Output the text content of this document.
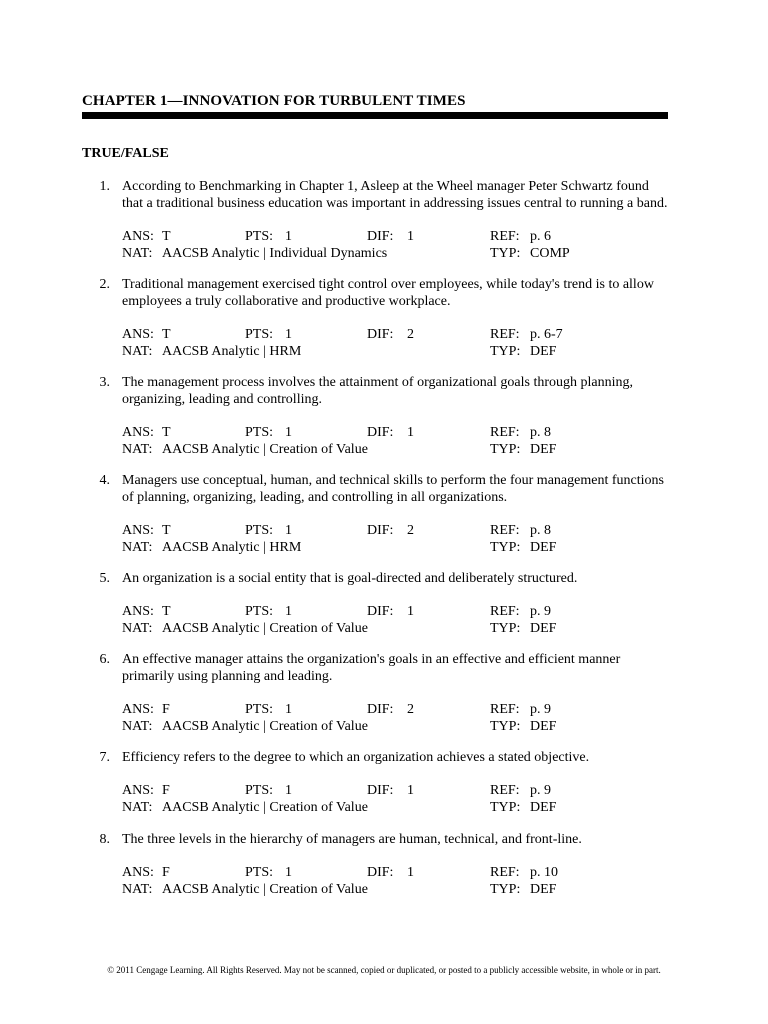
CHAPTER 1—INNOVATION FOR TURBULENT TIMES
TRUE/FALSE
1. According to Benchmarking in Chapter 1, Asleep at the Wheel manager Peter Schwartz found that a traditional business education was important in addressing issues central to running a band.
ANS: T	PTS: 1	DIF: 1	REF: p. 6
NAT: AACSB Analytic | Individual Dynamics	TYP: COMP
2. Traditional management exercised tight control over employees, while today's trend is to allow employees a truly collaborative and productive workplace.
ANS: T	PTS: 1	DIF: 2	REF: p. 6-7
NAT: AACSB Analytic | HRM	TYP: DEF
3. The management process involves the attainment of organizational goals through planning, organizing, leading and controlling.
ANS: T	PTS: 1	DIF: 1	REF: p. 8
NAT: AACSB Analytic | Creation of Value	TYP: DEF
4. Managers use conceptual, human, and technical skills to perform the four management functions of planning, organizing, leading, and controlling in all organizations.
ANS: T	PTS: 1	DIF: 2	REF: p. 8
NAT: AACSB Analytic | HRM	TYP: DEF
5. An organization is a social entity that is goal-directed and deliberately structured.
ANS: T	PTS: 1	DIF: 1	REF: p. 9
NAT: AACSB Analytic | Creation of Value	TYP: DEF
6. An effective manager attains the organization's goals in an effective and efficient manner primarily using planning and leading.
ANS: F	PTS: 1	DIF: 2	REF: p. 9
NAT: AACSB Analytic | Creation of Value	TYP: DEF
7. Efficiency refers to the degree to which an organization achieves a stated objective.
ANS: F	PTS: 1	DIF: 1	REF: p. 9
NAT: AACSB Analytic | Creation of Value	TYP: DEF
8. The three levels in the hierarchy of managers are human, technical, and front-line.
ANS: F	PTS: 1	DIF: 1	REF: p. 10
NAT: AACSB Analytic | Creation of Value	TYP: DEF
© 2011 Cengage Learning. All Rights Reserved. May not be scanned, copied or duplicated, or posted to a publicly accessible website, in whole or in part.
